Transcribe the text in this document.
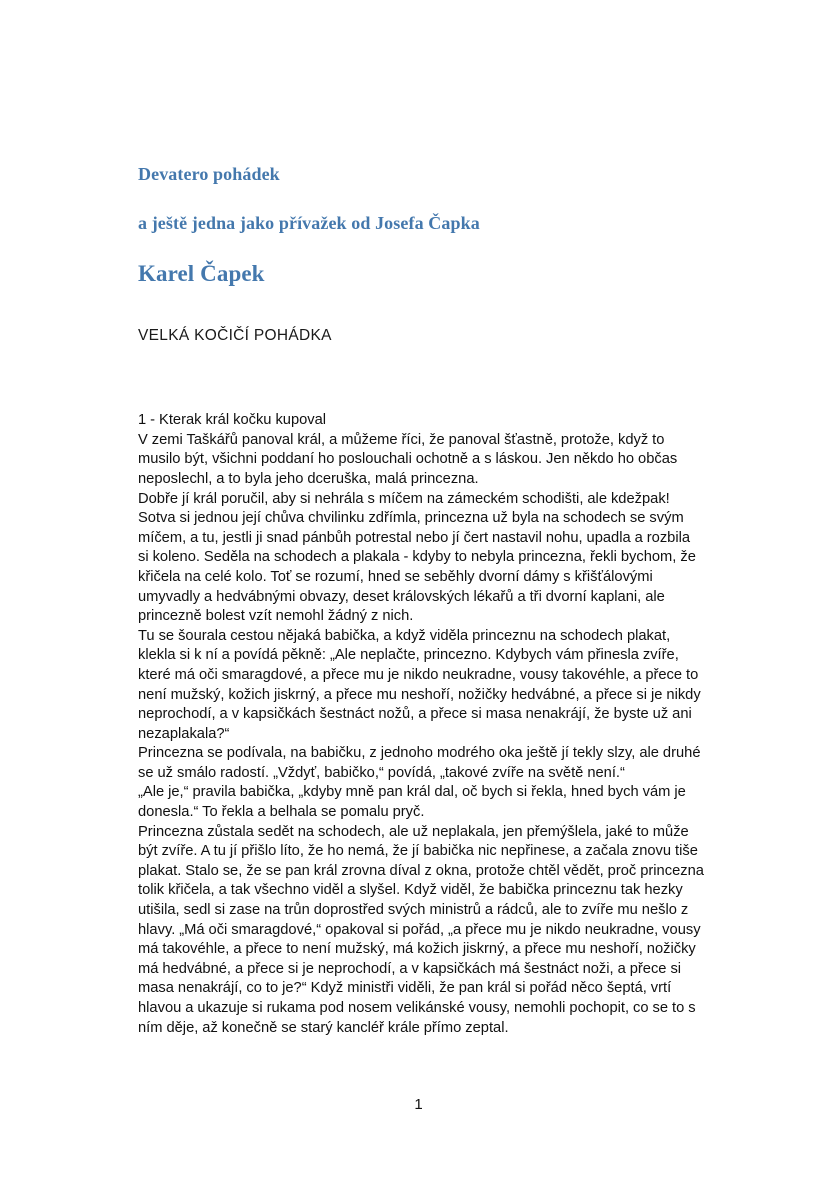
Devatero pohádek
a ještě jedna jako přívažek od Josefa Čapka
Karel Čapek
VELKÁ KOČIČÍ POHÁDKA

1 - Kterak král kočku kupoval
V zemi Taškářů panoval král, a můžeme říci, že panoval šťastně, protože, když to musilo být, všichni poddaní ho poslouchali ochotně a s láskou. Jen někdo ho občas neposlechl, a to byla jeho dceruška, malá princezna.
Dobře jí král poručil, aby si nehrála s míčem na zámeckém schodišti, ale kdežpak! Sotva si jednou její chůva chvilinku zdřímla, princezna už byla na schodech se svým míčem, a tu, jestli ji snad pánbůh potrestal nebo jí čert nastavil nohu, upadla a rozbila si koleno. Seděla na schodech a plakala - kdyby to nebyla princezna, řekli bychom, že křičela na celé kolo. Toť se rozumí, hned se seběhly dvorní dámy s křišťálovými umyvadly a hedvábnými obvazy, deset královských lékařů a tři dvorní kaplani, ale princezně bolest vzít nemohl žádný z nich.
Tu se šourala cestou nějaká babička, a když viděla princeznu na schodech plakat, klekla si k ní a povídá pěkně: „Ale neplačte, princezno. Kdybych vám přinesla zvíře, které má oči smaragdové, a přece mu je nikdo neukradne, vousy takovéhle, a přece to není mužský, kožich jiskrný, a přece mu neshoří, nožičky hedvábné, a přece si je nikdy neprochodí, a v kapsičkách šestnáct nožů, a přece si masa nenakrájí, že byste už ani nezaplakala?“
Princezna se podívala, na babičku, z jednoho modrého oka ještě jí tekly slzy, ale druhé se už smálo radostí. „Vždyť, babičko,“ povídá, „takové zvíře na světě není.“
„Ale je,“ pravila babička, „kdyby mně pan král dal, oč bych si řekla, hned bych vám je donesla.“ To řekla a belhala se pomalu pryč.
Princezna zůstala sedět na schodech, ale už neplakala, jen přemýšlela, jaké to může být zvíře. A tu jí přišlo líto, že ho nemá, že jí babička nic nepřinese, a začala znovu tiše plakat. Stalo se, že se pan král zrovna díval z okna, protože chtěl vědět, proč princezna tolik křičela, a tak všechno viděl a slyšel. Když viděl, že babička princeznu tak hezky utišila, sedl si zase na trůn doprostřed svých ministrů a rádců, ale to zvíře mu nešlo z hlavy. „Má oči smaragdové,“ opakoval si pořád, „a přece mu je nikdo neukradne, vousy má takovéhle, a přece to není mužský, má kožich jiskrný, a přece mu neshoří, nožičky má hedvábné, a přece si je neprochodí, a v kapsičkách má šestnáct noži, a přece si masa nenakrájí, co to je?“ Když ministři viděli, že pan král si pořád něco šeptá, vrtí hlavou a ukazuje si rukama pod nosem velikánské vousy, nemohli pochopit, co se to s ním děje, až konečně se starý kancléř krále přímo zeptal.

1
